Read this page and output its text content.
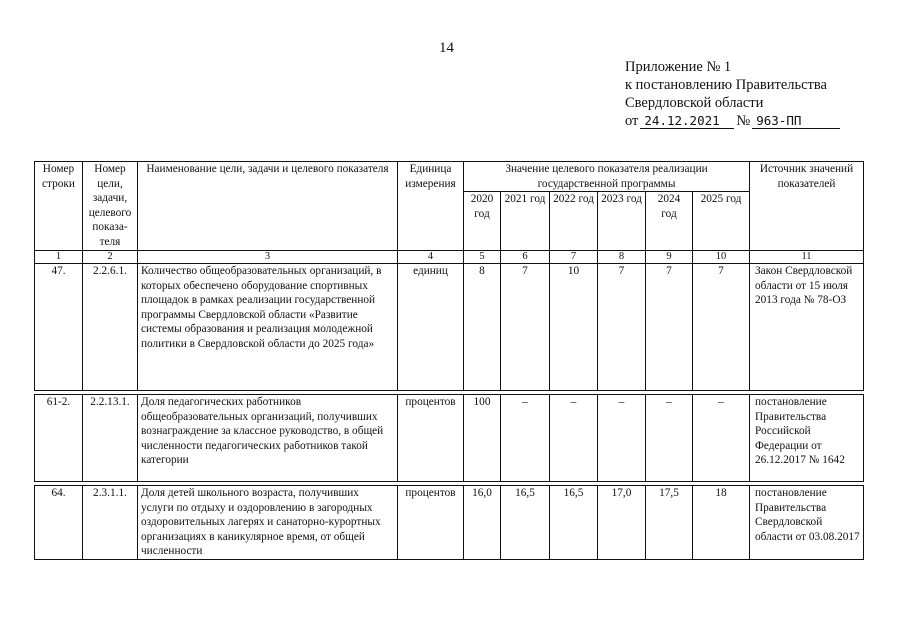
14
Приложение № 1
к постановлению Правительства
Свердловской области
от 24.12.2021	№ 963-ПП
Номер строки	Номер цели, задачи, целевого показа- теля	Наименование цели, задачи и целевого показателя	Единица измерения	Значение целевого показателя реализации государственной программы						Источник значений показателей
				2020 год	2021 год	2022 год	2023 год	2024 год	2025 год	
1	2	3	4	5	6	7	8	9	10	11
47.	2.2.6.1.	Количество общеобразовательных организаций, в которых обеспечено оборудование спортивных площадок в рамках реализации государственной программы Свердловской области «Развитие системы образования и реализация молодежной политики в Свердловской области до 2025 года»	единиц	8	7	10	7	7	7	Закон Свердловской области от 15 июля 2013 года № 78-ОЗ

61-2.	2.2.13.1.	Доля педагогических работников общеобразовательных организаций, получивших вознаграждение за классное руководство, в общей численности педагогических работников такой категории	процентов	100	–	–	–	–	–	постановление Правительства Российской Федерации от 26.12.2017 № 1642

64.	2.3.1.1.	Доля детей школьного возраста, получивших услуги по отдыху и оздоровлению в загородных оздоровительных лагерях и санаторно-курортных организациях в каникулярное время, от общей численности	процентов	16,0	16,5	16,5	17,0	17,5	18	постановление Правительства Свердловской области от 03.08.2017
